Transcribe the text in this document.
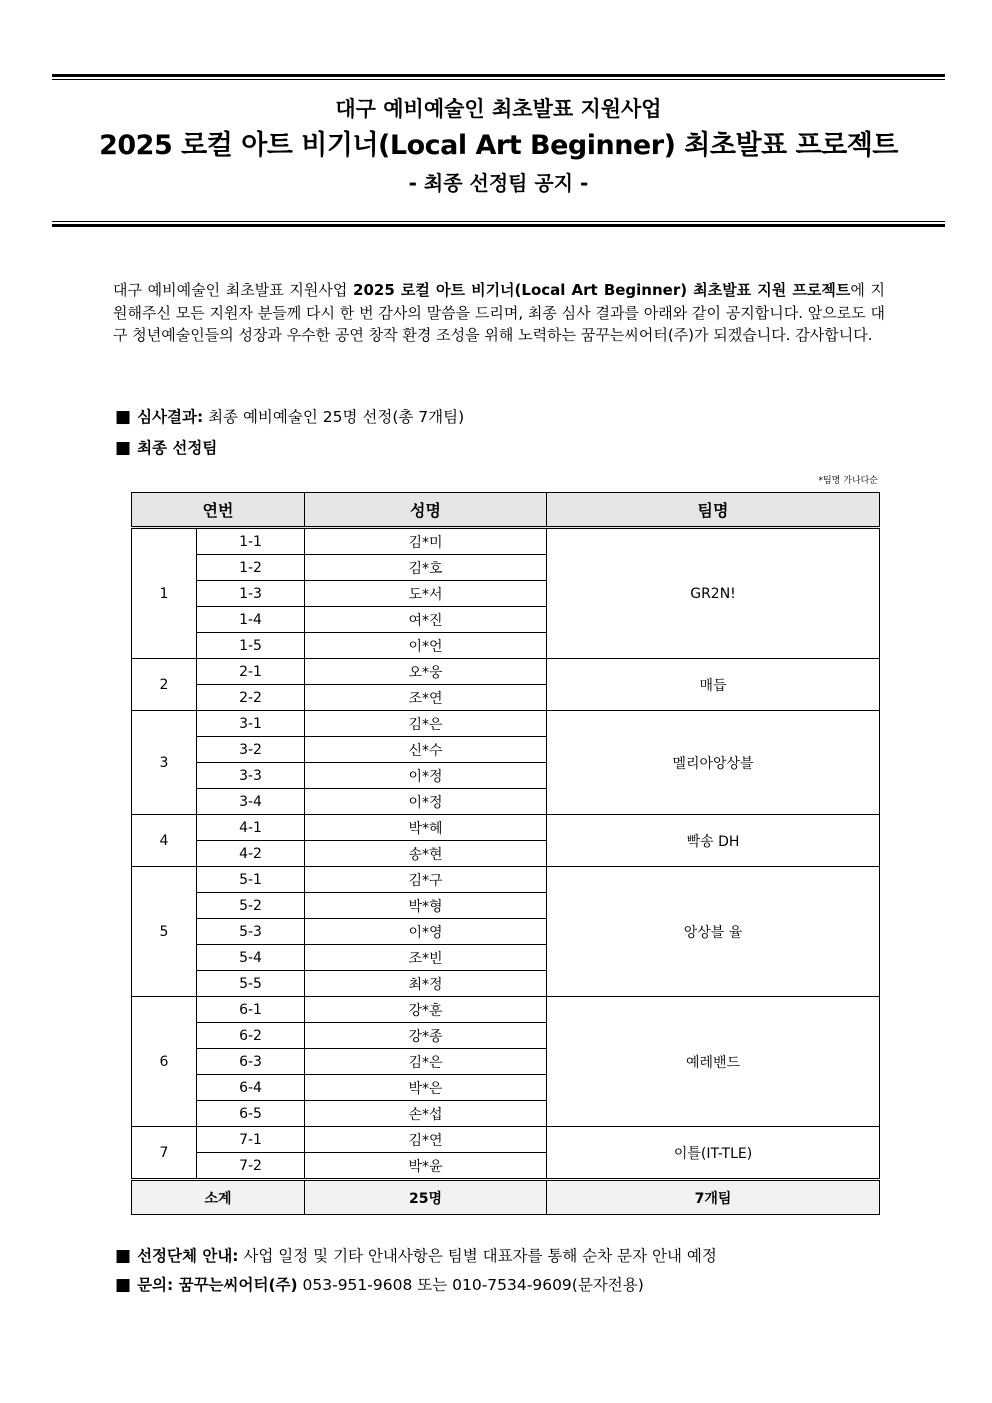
대구 예비예술인 최초발표 지원사업
2025 로컬 아트 비기너(Local Art Beginner) 최초발표 프로젝트
- 최종 선정팀 공지 -
대구 예비예술인 최초발표 지원사업 2025 로컬 아트 비기너(Local Art Beginner) 최초발표 지원 프로젝트에 지원해주신 모든 지원자 분들께 다시 한 번 감사의 말씀을 드리며, 최종 심사 결과를 아래와 같이 공지합니다. 앞으로도 대구 청년예술인들의 성장과 우수한 공연 창작 환경 조성을 위해 노력하는 꿈꾸는씨어터(주)가 되겠습니다. 감사합니다.
■ 심사결과: 최종 예비예술인 25명 선정(총 7개팀)
■ 최종 선정팀
*팀명 가나다순
연번		성명	팀명
1	1-1	김*미	GR2N!
	1-2	김*호	
	1-3	도*서	
	1-4	여*진	
	1-5	이*언	
2	2-1	오*웅	매듭
	2-2	조*연	
3	3-1	김*은	멜리아앙상블
	3-2	신*수	
	3-3	이*정	
	3-4	이*정	
4	4-1	박*혜	빡송 DH
	4-2	송*현	
5	5-1	김*구	앙상블 율
	5-2	박*형	
	5-3	이*영	
	5-4	조*빈	
	5-5	최*정	
6	6-1	강*훈	예레밴드
	6-2	강*종	
	6-3	김*은	
	6-4	박*은	
	6-5	손*섭	
7	7-1	김*연	이틀(IT-TLE)
	7-2	박*윤	
소계		25명	7개팀
■ 선정단체 안내: 사업 일정 및 기타 안내사항은 팀별 대표자를 통해 순차 문자 안내 예정
■ 문의: 꿈꾸는씨어터(주) 053-951-9608 또는 010-7534-9609(문자전용)
